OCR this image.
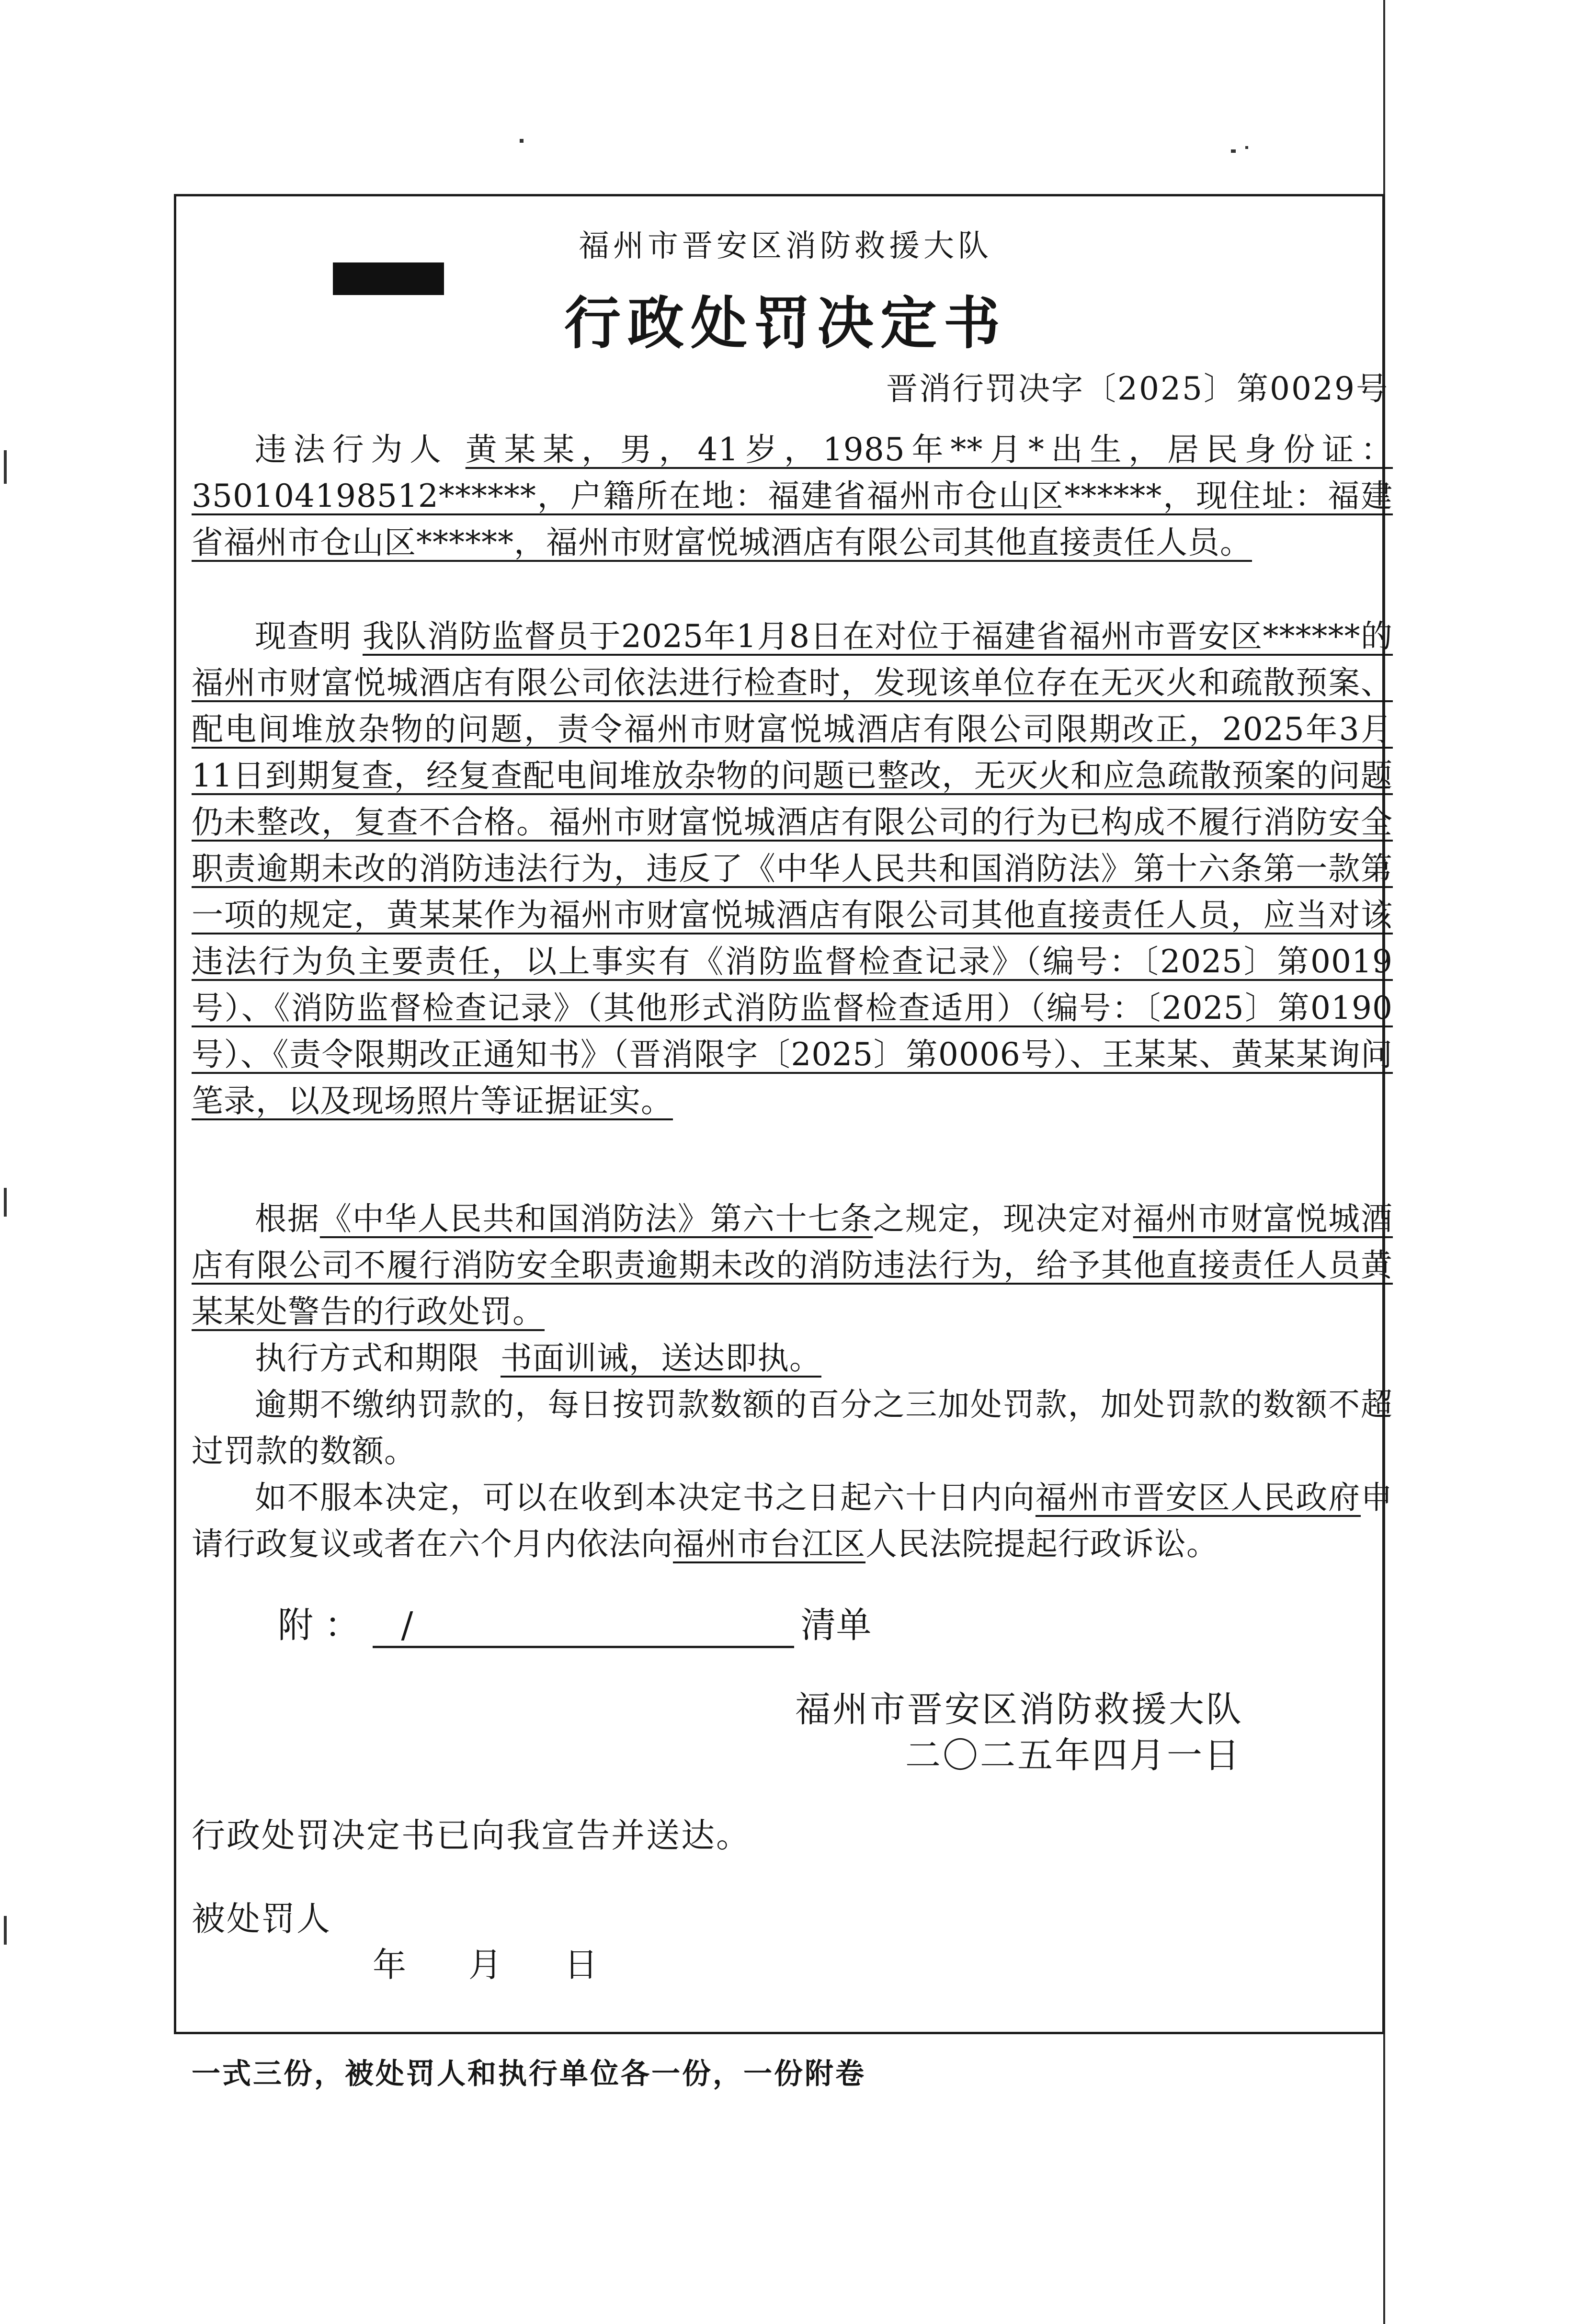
福州市晋安区消防救援大队
行政处罚决定书
晋消行罚决字〔2025〕第0029号
违法行为人 黄某某，男，41岁，1985年**月*出生，居民身份证：350104198512******，户籍所在地：福建省福州市仓山区******，现住址：福建省福州市仓山区******，福州市财富悦城酒店有限公司其他直接责任人员。
现查明 我队消防监督员于2025年1月8日在对位于福建省福州市晋安区******的福州市财富悦城酒店有限公司依法进行检查时，发现该单位存在无灭火和疏散预案、配电间堆放杂物的问题，责令福州市财富悦城酒店有限公司限期改正，2025年3月11日到期复查，经复查配电间堆放杂物的问题已整改，无灭火和应急疏散预案的问题仍未整改，复查不合格。福州市财富悦城酒店有限公司的行为已构成不履行消防安全职责逾期未改的消防违法行为，违反了《中华人民共和国消防法》第十六条第一款第一项的规定，黄某某作为福州市财富悦城酒店有限公司其他直接责任人员，应当对该违法行为负主要责任，以上事实有《消防监督检查记录》（编号：〔2025〕第0019号）、《消防监督检查记录》（其他形式消防监督检查适用）（编号：〔2025〕第0190号）、《责令限期改正通知书》（晋消限字〔2025〕第0006号）、王某某、黄某某询问笔录，以及现场照片等证据证实。
根据《中华人民共和国消防法》第六十七条之规定，现决定对福州市财富悦城酒店有限公司不履行消防安全职责逾期未改的消防违法行为，给予其他直接责任人员黄某某处警告的行政处罚。
执行方式和期限 书面训诫，送达即执。
逾期不缴纳罚款的，每日按罚款数额的百分之三加处罚款，加处罚款的数额不超过罚款的数额。
如不服本决定，可以在收到本决定书之日起六十日内向福州市晋安区人民政府申请行政复议或者在六个月内依法向福州市台江区人民法院提起行政诉讼。
附 ： /	清单
福州市晋安区消防救援大队
二〇二五年四月一日
行政处罚决定书已向我宣告并送达。
被处罚人
年 月 日
一式三份，被处罚人和执行单位各一份，一份附卷
